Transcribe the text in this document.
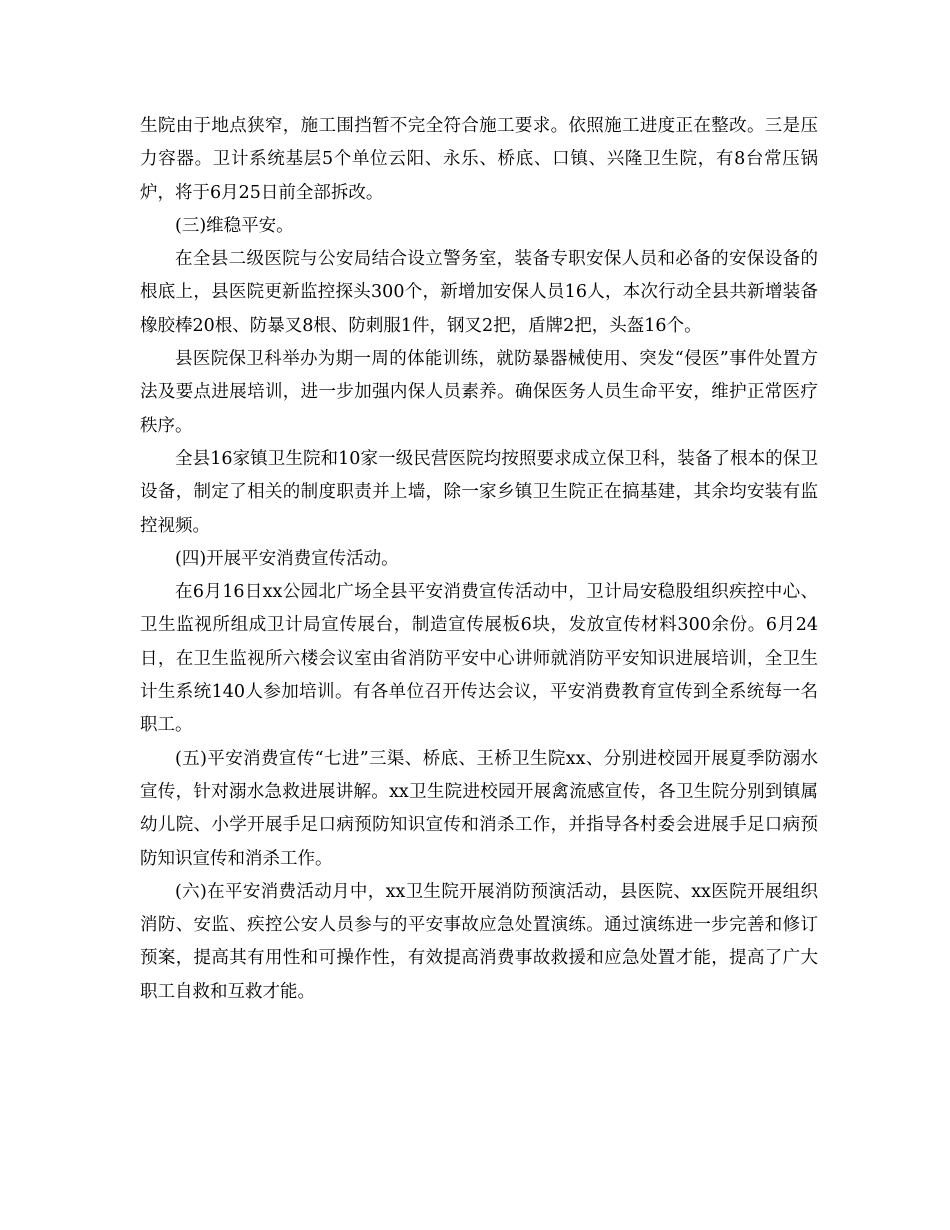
生院由于地点狭窄，施工围挡暂不完全符合施工要求。依照施工进度正在整改。三是压力容器。卫计系统基层5个单位云阳、永乐、桥底、口镇、兴隆卫生院，有8台常压锅炉，将于6月25日前全部拆改。

(三)维稳平安。

在全县二级医院与公安局结合设立警务室，装备专职安保人员和必备的安保设备的根底上，县医院更新监控探头300个，新增加安保人员16人，本次行动全县共新增装备橡胶棒20根、防暴叉8根、防刺服1件，钢叉2把，盾牌2把，头盔16个。

县医院保卫科举办为期一周的体能训练，就防暴器械使用、突发“侵医”事件处置方法及要点进展培训，进一步加强内保人员素养。确保医务人员生命平安，维护正常医疗秩序。

全县16家镇卫生院和10家一级民营医院均按照要求成立保卫科，装备了根本的保卫设备，制定了相关的制度职责并上墙，除一家乡镇卫生院正在搞基建，其余均安装有监控视频。

(四)开展平安消费宣传活动。

在6月16日xx公园北广场全县平安消费宣传活动中，卫计局安稳股组织疾控中心、卫生监视所组成卫计局宣传展台，制造宣传展板6块，发放宣传材料300余份。6月24日，在卫生监视所六楼会议室由省消防平安中心讲师就消防平安知识进展培训，全卫生计生系统140人参加培训。有各单位召开传达会议，平安消费教育宣传到全系统每一名职工。

(五)平安消费宣传“七进”三渠、桥底、王桥卫生院xx、分别进校园开展夏季防溺水宣传，针对溺水急救进展讲解。xx卫生院进校园开展禽流感宣传，各卫生院分别到镇属幼儿院、小学开展手足口病预防知识宣传和消杀工作，并指导各村委会进展手足口病预防知识宣传和消杀工作。

(六)在平安消费活动月中，xx卫生院开展消防预演活动，县医院、xx医院开展组织消防、安监、疾控公安人员参与的平安事故应急处置演练。通过演练进一步完善和修订预案，提高其有用性和可操作性，有效提高消费事故救援和应急处置才能，提高了广大职工自救和互救才能。
